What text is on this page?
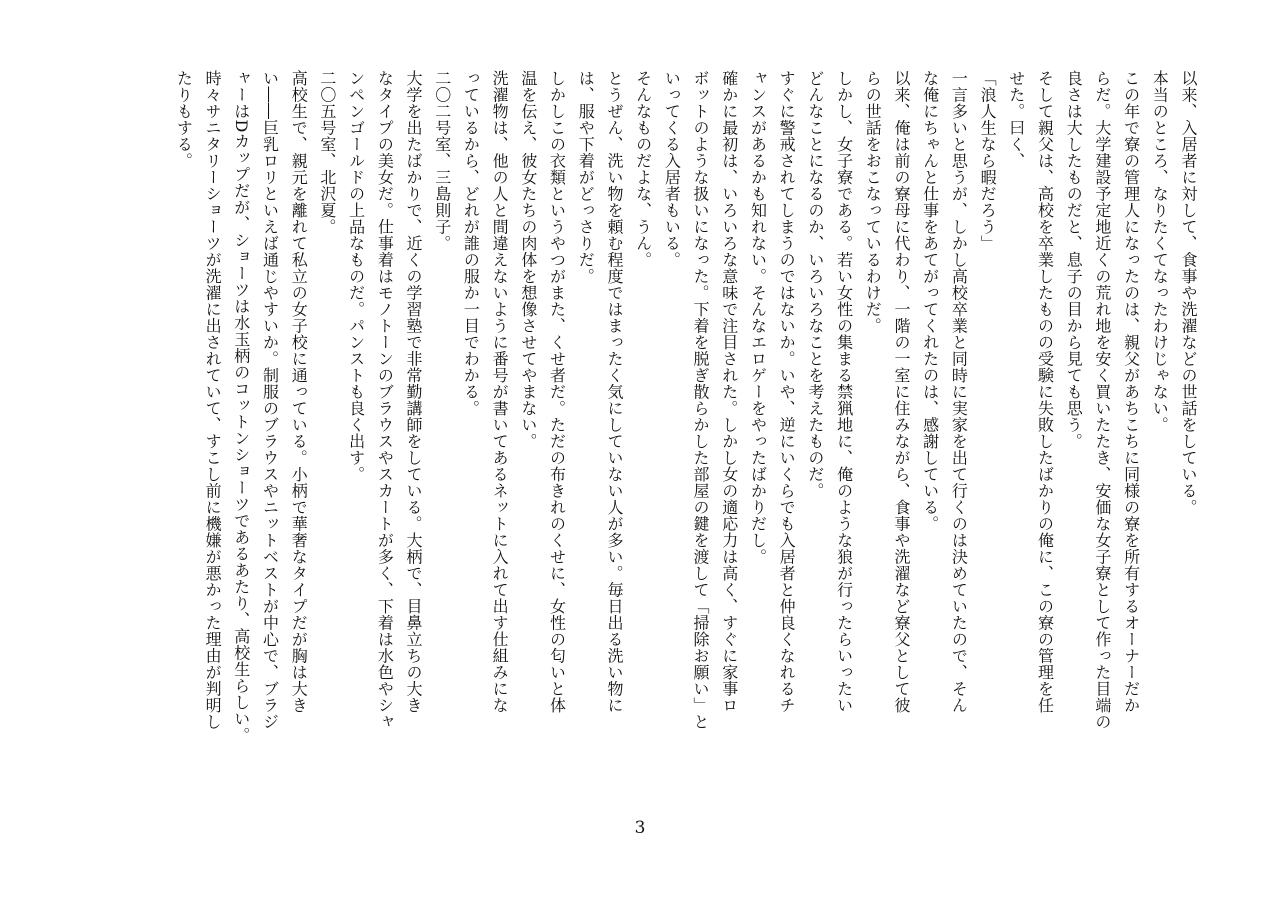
以来、入居者に対して、食事や洗濯などの世話をしている。

本当のところ、なりたくてなったわけじゃない。

この年で寮の管理人になったのは、親父があちこちに同様の寮を所有するオーナーだか

らだ。大学建設予定地近くの荒れ地を安く買いたたき、安価な女子寮として作った目端の

良さは大したものだと、息子の目から見ても思う。

そして親父は、高校を卒業したものの受験に失敗したばかりの俺に、この寮の管理を任

せた。曰く、

「浪人生なら暇だろう」

一言多いと思うが、しかし高校卒業と同時に実家を出て行くのは決めていたので、そん

な俺にちゃんと仕事をあてがってくれたのは、感謝している。

以来、俺は前の寮母に代わり、一階の一室に住みながら、食事や洗濯など寮父として彼

らの世話をおこなっているわけだ。

しかし、女子寮である。若い女性の集まる禁猟地に、俺のような狼が行ったらいったい

どんなことになるのか、いろいろなことを考えたものだ。

すぐに警戒されてしまうのではないか。いや、逆にいくらでも入居者と仲良くなれるチ

ャンスがあるかも知れない。そんなエロゲーをやったばかりだし。

確かに最初は、いろいろな意味で注目された。しかし女の適応力は高く、すぐに家事ロ

ボットのような扱いになった。下着を脱ぎ散らかした部屋の鍵を渡して「掃除お願い」と

いってくる入居者もいる。

そんなものだよな、うん。

とうぜん、洗い物を頼む程度ではまったく気にしていない人が多い。毎日出る洗い物に

は、服や下着がどっさりだ。

しかしこの衣類というやつがまた、くせ者だ。ただの布きれのくせに、女性の匂いと体

温を伝え、彼女たちの肉体を想像させてやまない。

洗濯物は、他の人と間違えないように番号が書いてあるネットに入れて出す仕組みにな

っているから、どれが誰の服か一目でわかる。

二〇二号室、三島則子。

大学を出たばかりで、近くの学習塾で非常勤講師をしている。大柄で、目鼻立ちの大き

なタイプの美女だ。仕事着はモノトーンのブラウスやスカートが多く、下着は水色やシャ

ンペンゴールドの上品なものだ。パンストも良く出す。

二〇五号室、北沢夏。

高校生で、親元を離れて私立の女子校に通っている。小柄で華奢なタイプだが胸は大き

い――巨乳ロリといえば通じやすいか。制服のブラウスやニットベストが中心で、ブラジ

ャーはDカップだが、ショーツは水玉柄のコットンショーツであるあたり、高校生らしい。

時々サニタリーショーツが洗濯に出されていて、すこし前に機嫌が悪かった理由が判明し

たりもする。

3
